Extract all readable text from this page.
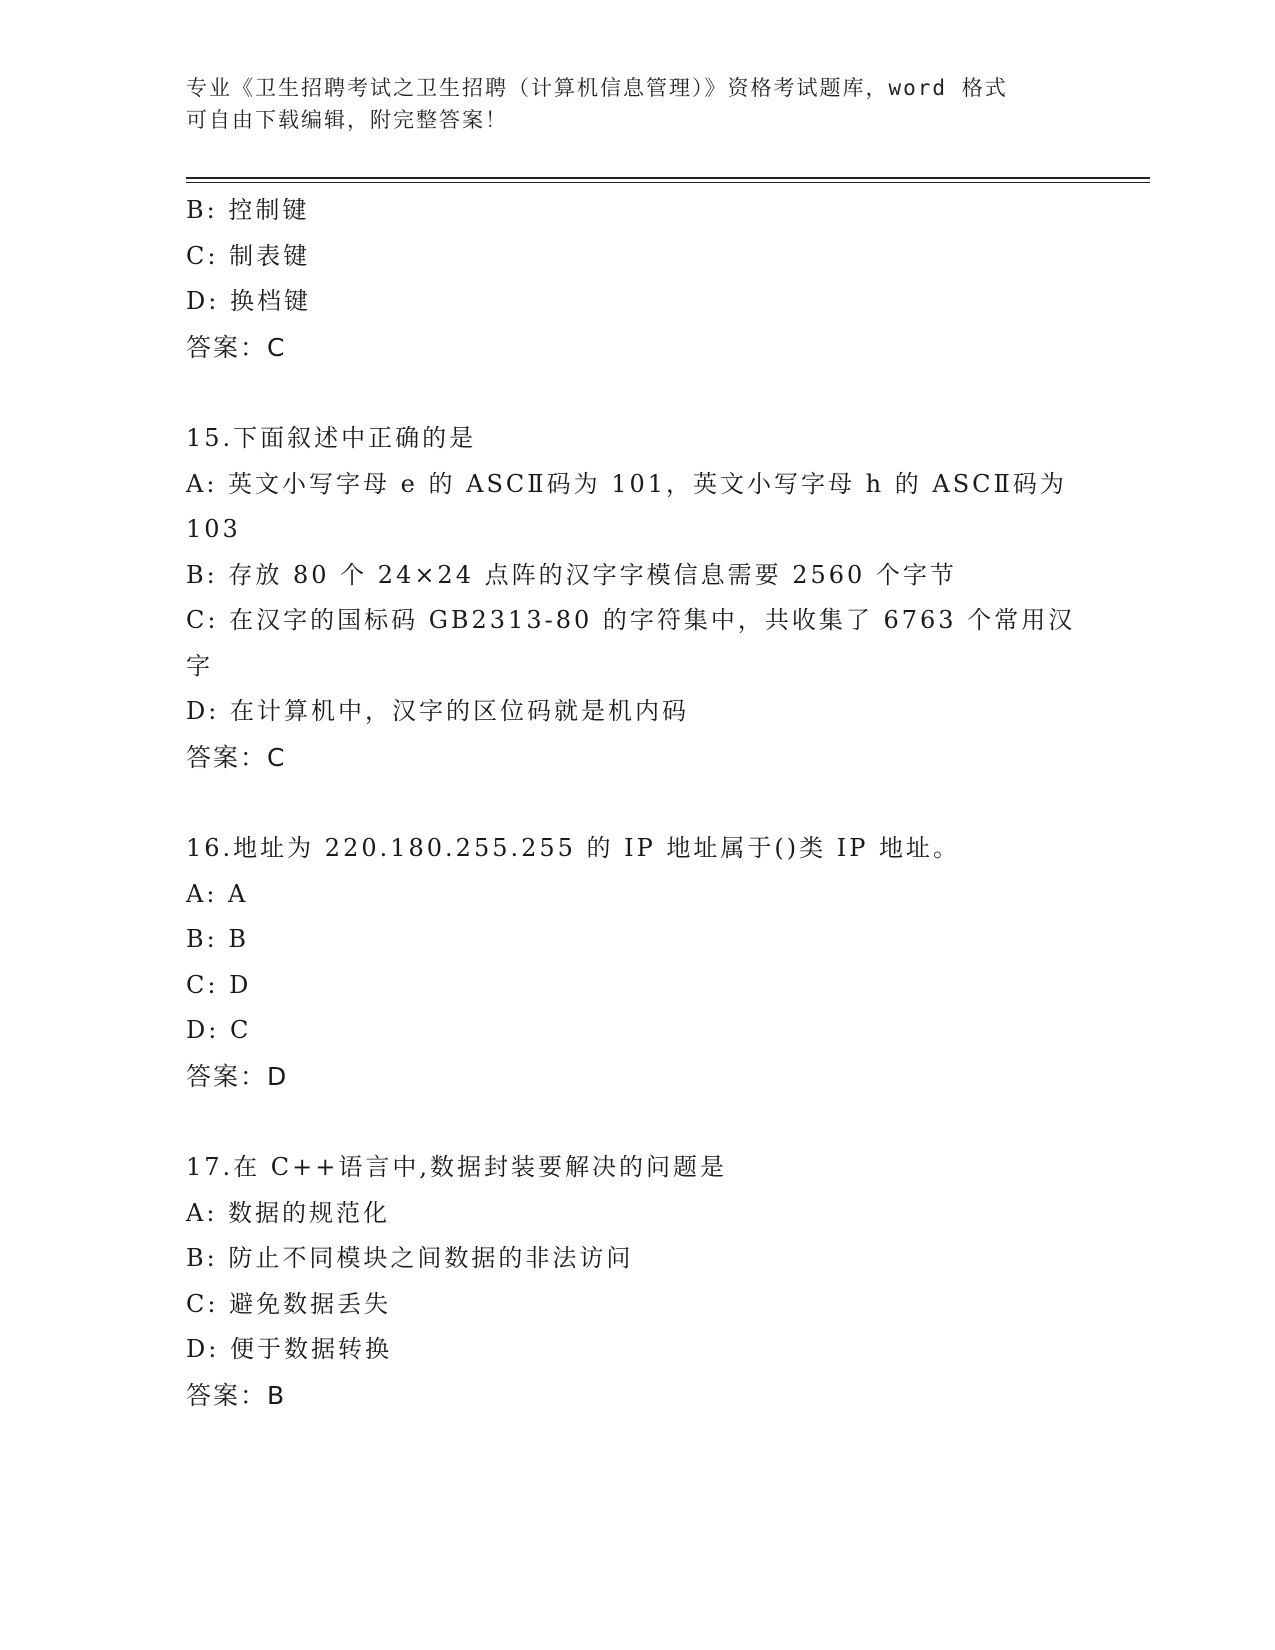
专业《卫生招聘考试之卫生招聘（计算机信息管理）》资格考试题库，word 格式
可自由下载编辑，附完整答案！
B: 控制键
C: 制表键
D: 换档键
答案：C
15.下面叙述中正确的是
A: 英文小写字母 e 的 ASCⅡ码为 101，英文小写字母 h 的 ASCⅡ码为
103
B: 存放 80 个 24×24 点阵的汉字字模信息需要 2560 个字节
C: 在汉字的国标码 GB2313-80 的字符集中，共收集了 6763 个常用汉
字
D: 在计算机中，汉字的区位码就是机内码
答案：C
16.地址为 220.180.255.255 的 IP 地址属于()类 IP 地址。
A: A
B: B
C: D
D: C
答案：D
17.在 C++语言中,数据封装要解决的问题是
A: 数据的规范化
B: 防止不同模块之间数据的非法访问
C: 避免数据丢失
D: 便于数据转换
答案：B
